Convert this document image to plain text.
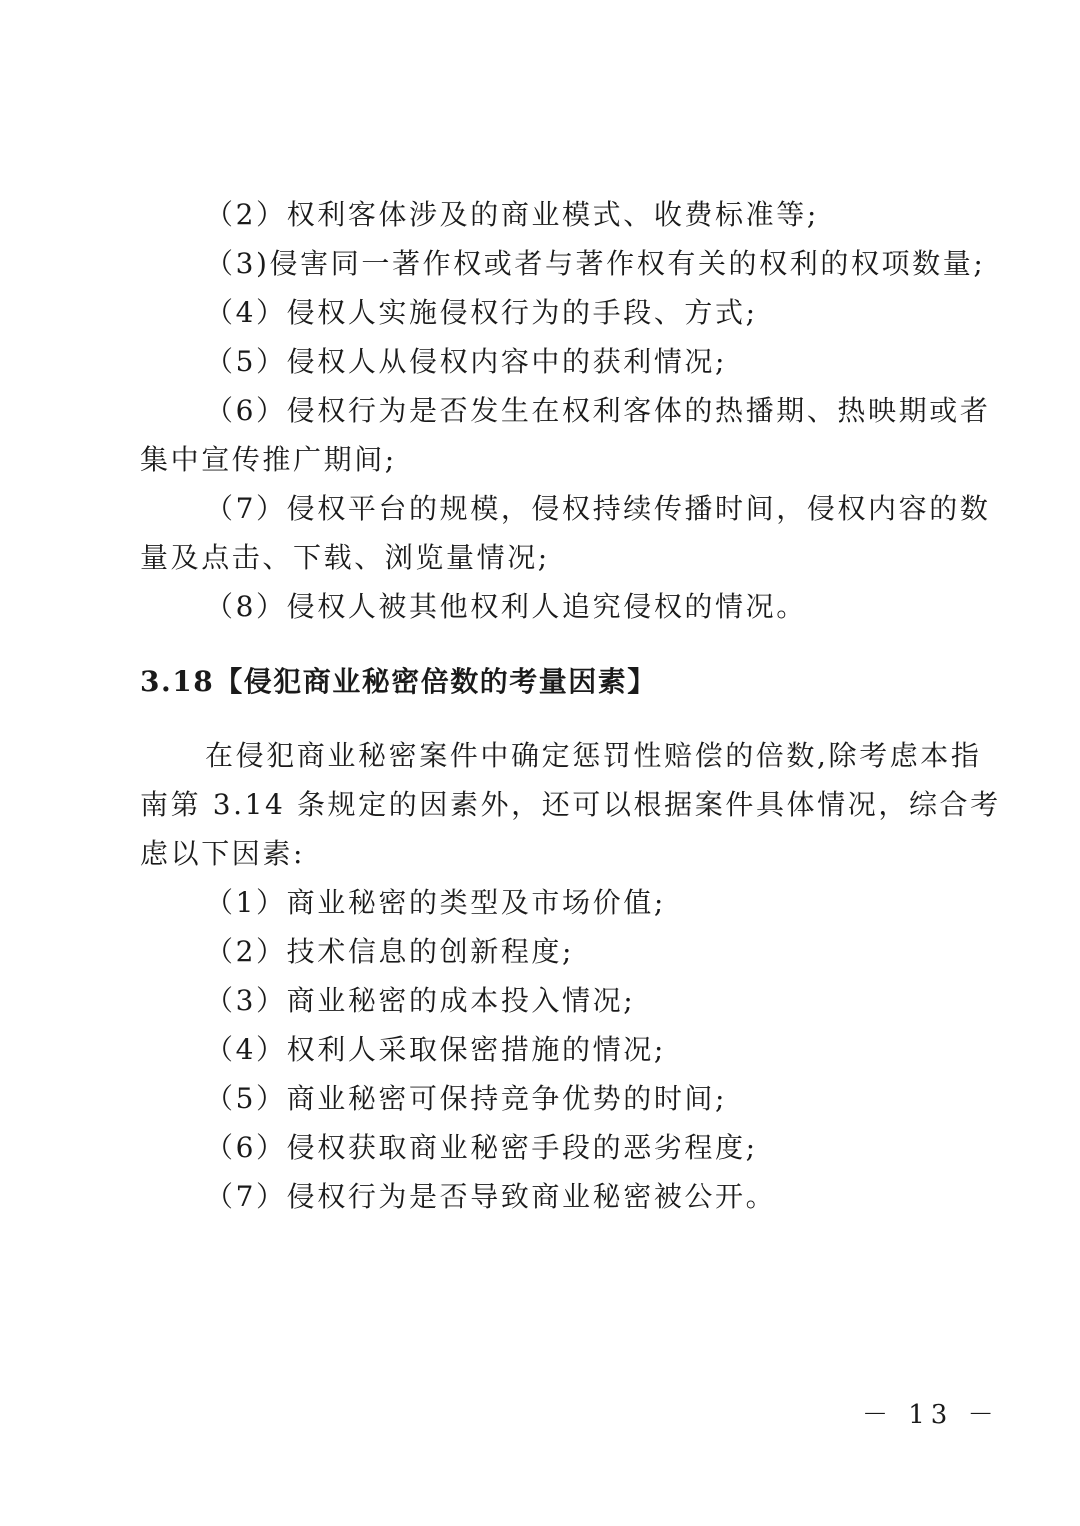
（2）权利客体涉及的商业模式、收费标准等;
（3)侵害同一著作权或者与著作权有关的权利的权项数量;
（4）侵权人实施侵权行为的手段、方式;
（5）侵权人从侵权内容中的获利情况;
（6）侵权行为是否发生在权利客体的热播期、热映期或者
集中宣传推广期间;
（7）侵权平台的规模，侵权持续传播时间，侵权内容的数
量及点击、下载、浏览量情况;
（8）侵权人被其他权利人追究侵权的情况。
3.18【侵犯商业秘密倍数的考量因素】
在侵犯商业秘密案件中确定惩罚性赔偿的倍数,除考虑本指
南第 3.14 条规定的因素外，还可以根据案件具体情况，综合考
虑以下因素:
（1）商业秘密的类型及市场价值;
（2）技术信息的创新程度;
（3）商业秘密的成本投入情况;
（4）权利人采取保密措施的情况;
（5）商业秘密可保持竞争优势的时间;
（6）侵权获取商业秘密手段的恶劣程度;
（7）侵权行为是否导致商业秘密被公开。
－ 13 －
